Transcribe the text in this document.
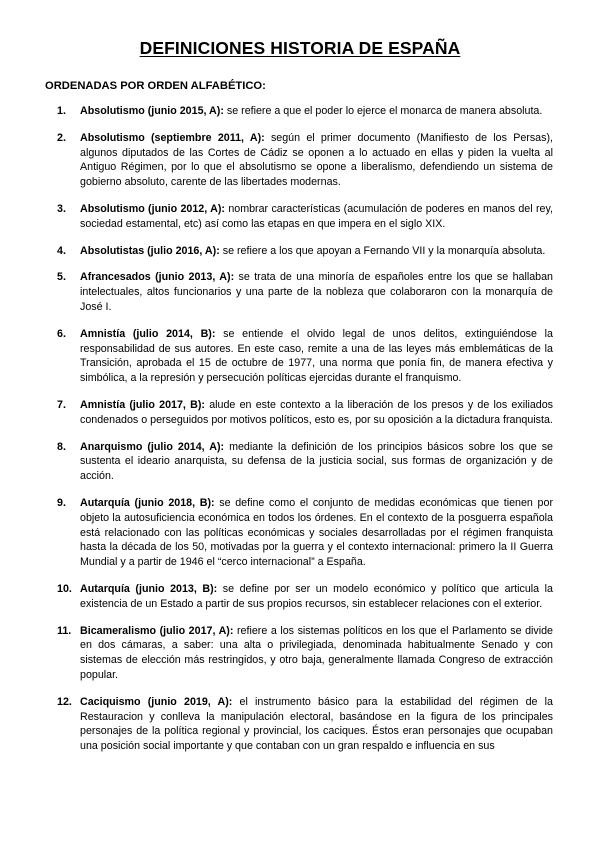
DEFINICIONES HISTORIA DE ESPAÑA
ORDENADAS POR ORDEN ALFABÉTICO:
1. Absolutismo (junio 2015, A): se refiere a que el poder lo ejerce el monarca de manera absoluta.
2. Absolutismo (septiembre 2011, A): según el primer documento (Manifiesto de los Persas), algunos diputados de las Cortes de Cádiz se oponen a lo actuado en ellas y piden la vuelta al Antiguo Régimen, por lo que el absolutismo se opone a liberalismo, defendiendo un sistema de gobierno absoluto, carente de las libertades modernas.
3. Absolutismo (junio 2012, A): nombrar características (acumulación de poderes en manos del rey, sociedad estamental, etc) así como las etapas en que impera en el siglo XIX.
4. Absolutistas (julio 2016, A): se refiere a los que apoyan a Fernando VII y la monarquía absoluta.
5. Afrancesados (junio 2013, A): se trata de una minoría de españoles entre los que se hallaban intelectuales, altos funcionarios y una parte de la nobleza que colaboraron con la monarquía de José I.
6. Amnistía (julio 2014, B): se entiende el olvido legal de unos delitos, extinguiéndose la responsabilidad de sus autores. En este caso, remite a una de las leyes más emblemáticas de la Transición, aprobada el 15 de octubre de 1977, una norma que ponía fin, de manera efectiva y simbólica, a la represión y persecución políticas ejercidas durante el franquismo.
7. Amnistía (julio 2017, B): alude en este contexto a la liberación de los presos y de los exiliados condenados o perseguidos por motivos políticos, esto es, por su oposición a la dictadura franquista.
8. Anarquismo (julio 2014, A): mediante la definición de los principios básicos sobre los que se sustenta el ideario anarquista, su defensa de la justicia social, sus formas de organización y de acción.
9. Autarquía (junio 2018, B): se define como el conjunto de medidas económicas que tienen por objeto la autosuficiencia económica en todos los órdenes. En el contexto de la posguerra española está relacionado con las políticas económicas y sociales desarrolladas por el régimen franquista hasta la década de los 50, motivadas por la guerra y el contexto internacional: primero la II Guerra Mundial y a partir de 1946 el “cerco internacional” a España.
10. Autarquía (junio 2013, B): se define por ser un modelo económico y político que articula la existencia de un Estado a partir de sus propios recursos, sin establecer relaciones con el exterior.
11. Bicameralismo (julio 2017, A): refiere a los sistemas políticos en los que el Parlamento se divide en dos cámaras, a saber: una alta o privilegiada, denominada habitualmente Senado y con sistemas de elección más restringidos, y otro baja, generalmente llamada Congreso de extracción popular.
12. Caciquismo (junio 2019, A): el instrumento básico para la estabilidad del régimen de la Restauracion y conlleva la manipulación electoral, basándose en la figura de los principales personajes de la política regional y provincial, los caciques. Éstos eran personajes que ocupaban una posición social importante y que contaban con un gran respaldo e influencia en sus
